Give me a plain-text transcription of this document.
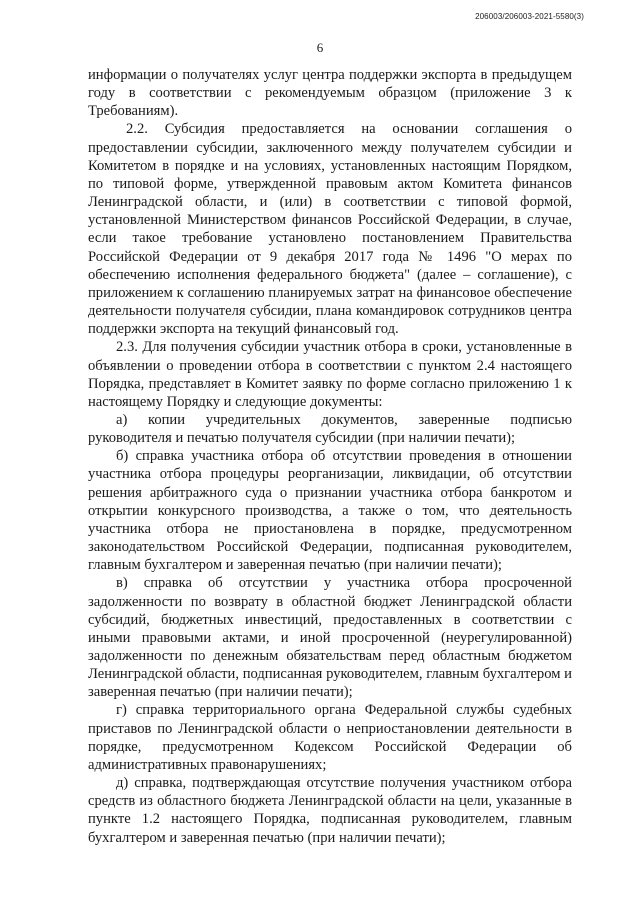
206003/206003-2021-5580(3)
6

информации о получателях услуг центра поддержки экспорта в предыдущем году в соответствии с рекомендуемым образцом (приложение 3 к Требованиям).

2.2. Субсидия предоставляется на основании соглашения о предоставлении субсидии, заключенного между получателем субсидии и Комитетом в порядке и на условиях, установленных настоящим Порядком, по типовой форме, утвержденной правовым актом Комитета финансов Ленинградской области, и (или) в соответствии с типовой формой, установленной Министерством финансов Российской Федерации, в случае, если такое требование установлено постановлением Правительства Российской Федерации от 9 декабря 2017 года № 1496 "О мерах по обеспечению исполнения федерального бюджета" (далее – соглашение), с приложением к соглашению планируемых затрат на финансовое обеспечение деятельности получателя субсидии, плана командировок сотрудников центра поддержки экспорта на текущий финансовый год.

2.3. Для получения субсидии участник отбора в сроки, установленные в объявлении о проведении отбора в соответствии с пунктом 2.4 настоящего Порядка, представляет в Комитет заявку по форме согласно приложению 1 к настоящему Порядку и следующие документы:

а) копии учредительных документов, заверенные подписью руководителя и печатью получателя субсидии (при наличии печати);

б) справка участника отбора об отсутствии проведения в отношении участника отбора процедуры реорганизации, ликвидации, об отсутствии решения арбитражного суда о признании участника отбора банкротом и открытии конкурсного производства, а также о том, что деятельность участника отбора не приостановлена в порядке, предусмотренном законодательством Российской Федерации, подписанная руководителем, главным бухгалтером и заверенная печатью (при наличии печати);

в) справка об отсутствии у участника отбора просроченной задолженности по возврату в областной бюджет Ленинградской области субсидий, бюджетных инвестиций, предоставленных в соответствии с иными правовыми актами, и иной просроченной (неурегулированной) задолженности по денежным обязательствам перед областным бюджетом Ленинградской области, подписанная руководителем, главным бухгалтером и заверенная печатью (при наличии печати);

г) справка территориального органа Федеральной службы судебных приставов по Ленинградской области о неприостановлении деятельности в порядке, предусмотренном Кодексом Российской Федерации об административных правонарушениях;

д) справка, подтверждающая отсутствие получения участником отбора средств из областного бюджета Ленинградской области на цели, указанные в пункте 1.2 настоящего Порядка, подписанная руководителем, главным бухгалтером и заверенная печатью (при наличии печати);
